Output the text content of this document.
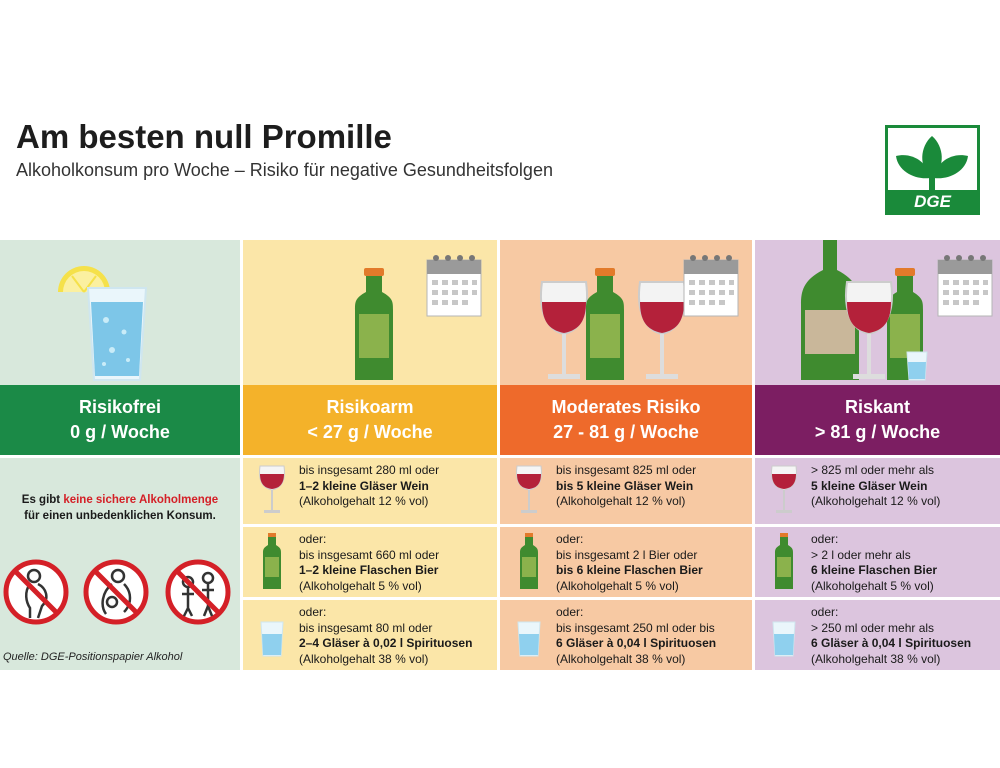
Am besten null Promille
Alkoholkonsum pro Woche – Risiko für negative Gesundheitsfolgen
DGE
Risikofrei
0 g / Woche
Es gibt keine sichere Alkoholmenge
für einen unbedenklichen Konsum.
Quelle: DGE-Positionspapier Alkohol
Risikoarm
< 27 g / Woche
bis insgesamt 280 ml oder
1–2 kleine Gläser Wein
(Alkoholgehalt 12 % vol)
oder:
bis insgesamt 660 ml oder
1–2 kleine Flaschen Bier
(Alkoholgehalt 5 % vol)
oder:
bis insgesamt 80 ml oder
2–4 Gläser à 0,02 l Spirituosen
(Alkoholgehalt 38 % vol)
Moderates Risiko
27 - 81 g / Woche
bis insgesamt 825 ml oder
bis 5 kleine Gläser Wein
(Alkoholgehalt 12 % vol)
oder:
bis insgesamt 2 l Bier oder
bis 6 kleine Flaschen Bier
(Alkoholgehalt 5 % vol)
oder:
bis insgesamt 250 ml oder bis
6 Gläser à 0,04 l Spirituosen
(Alkoholgehalt 38 % vol)
Riskant
> 81 g / Woche
> 825 ml oder mehr als
5 kleine Gläser Wein
(Alkoholgehalt 12 % vol)
oder:
> 2 l oder mehr als
6 kleine Flaschen Bier
(Alkoholgehalt 5 % vol)
oder:
> 250 ml oder mehr als
6 Gläser à 0,04 l Spirituosen
(Alkoholgehalt 38 % vol)
